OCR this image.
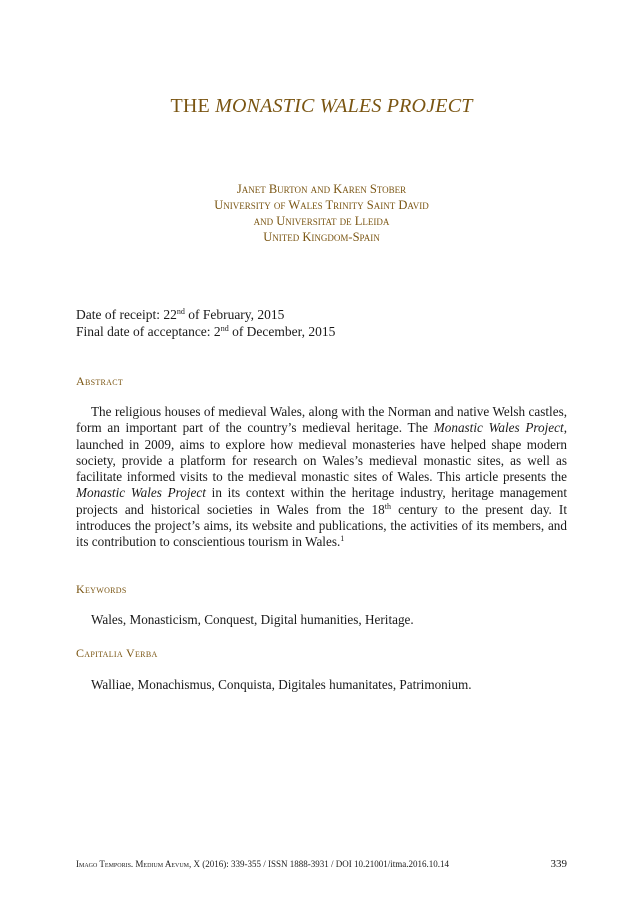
THE MONASTIC WALES PROJECT
Janet Burton and Karen Stober
University of Wales Trinity Saint David
and Universitat de Lleida
United Kingdom-Spain
Date of receipt: 22nd of February, 2015
Final date of acceptance: 2nd of December, 2015
Abstract

The religious houses of medieval Wales, along with the Norman and native Welsh castles, form an important part of the country’s medieval heritage. The Monastic Wales Project, launched in 2009, aims to explore how medieval monasteries have helped shape modern society, provide a platform for research on Wales’s medieval monastic sites, as well as facilitate informed visits to the medieval monastic sites of Wales. This article presents the Monastic Wales Project in its context within the heritage industry, heritage management projects and historical societies in Wales from the 18th century to the present day. It introduces the project’s aims, its website and publications, the activities of its members, and its contribution to conscientious tourism in Wales.$^1$

Keywords
Wales, Monasticism, Conquest, Digital humanities, Heritage.
Capitalia Verba
Walliae, Monachismus, Conquista, Digitales humanitates, Patrimonium.
Imago Temporis. Medium Aevum, X (2016): 339-355 / ISSN 1888-3931 / DOI 10.21001/itma.2016.10.14	339
